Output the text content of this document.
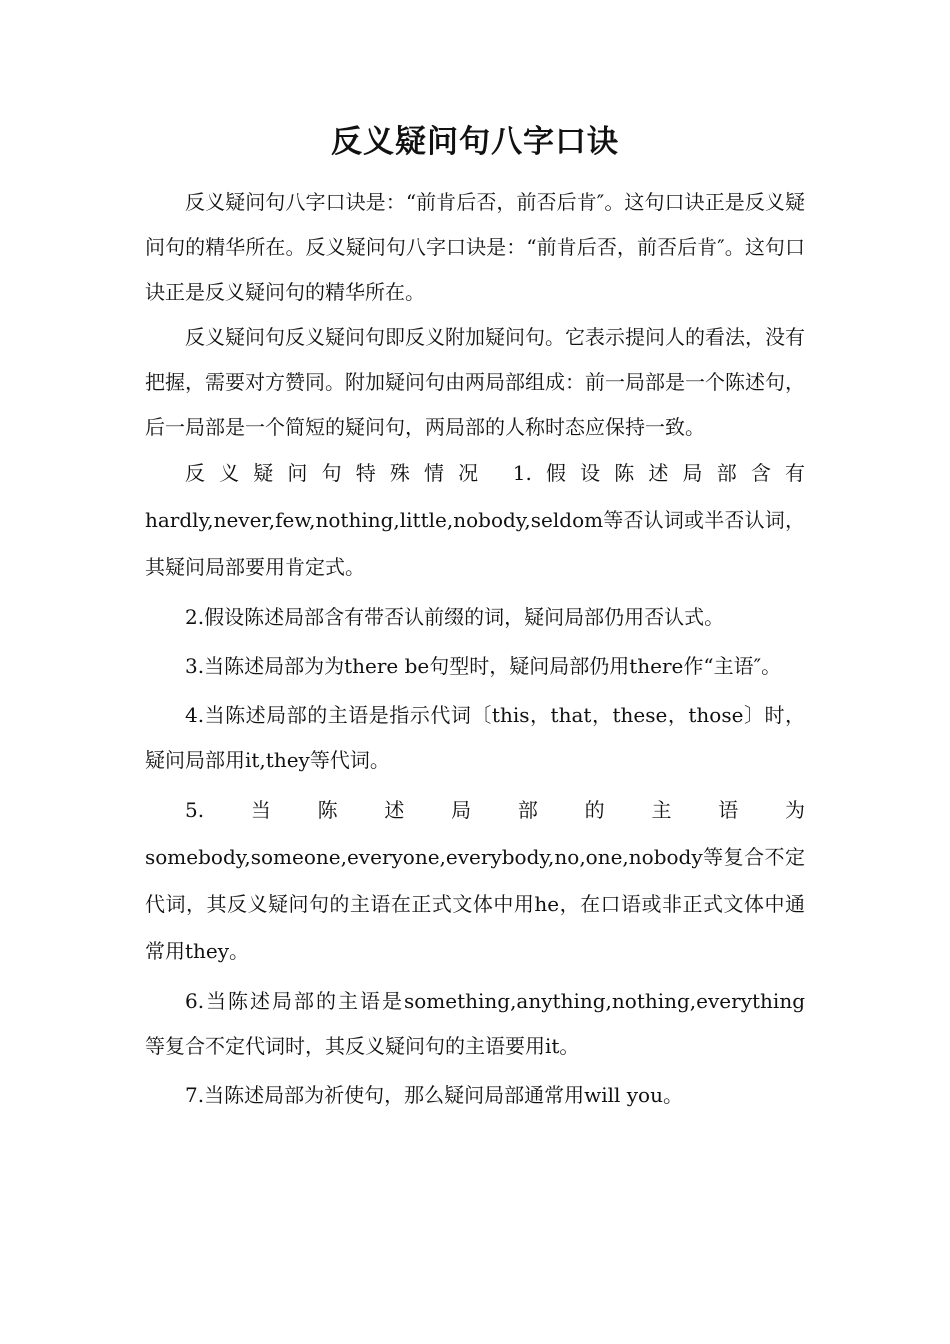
反义疑问句八字口诀

反义疑问句八字口诀是：“前肯后否，前否后肯″。这句口诀正是反义疑问句的精华所在。反义疑问句八字口诀是：“前肯后否，前否后肯″。这句口诀正是反义疑问句的精华所在。

反义疑问句反义疑问句即反义附加疑问句。它表示提问人的看法，没有把握，需要对方赞同。附加疑问句由两局部组成：前一局部是一个陈述句，后一局部是一个简短的疑问句，两局部的人称时态应保持一致。

反义疑问句特殊情况 1.假设陈述局部含有hardly,never,few,nothing,little,nobody,seldom等否认词或半否认词，其疑问局部要用肯定式。

2.假设陈述局部含有带否认前缀的词，疑问局部仍用否认式。

3.当陈述局部为为there be句型时，疑问局部仍用there作“主语″。

4.当陈述局部的主语是指示代词〔this，that，these，those〕时，疑问局部用it,they等代词。

5.当陈述局部的主语为somebody,someone,everyone,everybody,no,one,nobody等复合不定代词，其反义疑问句的主语在正式文体中用he，在口语或非正式文体中通常用they。

6.当陈述局部的主语是something,anything,nothing,everything等复合不定代词时，其反义疑问句的主语要用it。

7.当陈述局部为祈使句，那么疑问局部通常用will you。
